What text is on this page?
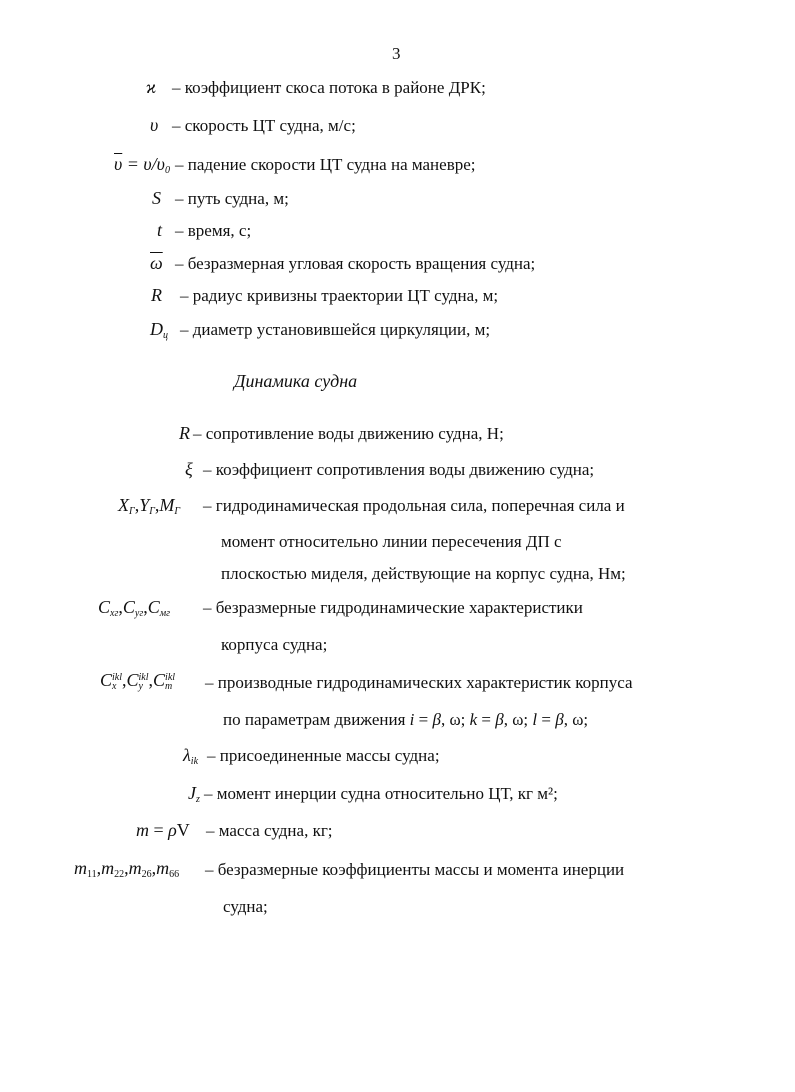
3
ϰ – коэффициент скоса потока в районе ДРК;
υ – скорость ЦТ судна, м/с;
$\overline{\upsilon} = \upsilon/\upsilon_0$ – падение скорости ЦТ судна на маневре;
S – путь судна, м;
t – время, с;
$\overline{\omega}$ – безразмерная угловая скорость вращения судна;
R – радиус кривизны траектории ЦТ судна, м;
$D_ц$ – диаметр установившейся циркуляции, м;
Динамика судна
R – сопротивление воды движению судна, Н;
ξ – коэффициент сопротивления воды движению судна;
$X_Г,Y_Г,M_Г$ – гидродинамическая продольная сила, поперечная сила и
момент относительно линии пересечения ДП с
плоскостью миделя, действующие на корпус судна, Нм;
$C_{хг},C_{уг},C_{мг}$ – безразмерные гидродинамические характеристики
корпуса судна;
C ikl
x ,C ikl
y ,C ikl
m – производные гидродинамических характеристик корпуса
по параметрам движения i = β, ω; k = β, ω; l = β, ω;
$\lambda_{ik}$ – присоединенные массы судна;
$J_z$ – момент инерции судна относительно ЦТ, кг м²;
m = ρV – масса судна, кг;
$m_{11},m_{22},m_{26},m_{66}$ – безразмерные коэффициенты массы и момента инерции
судна;
